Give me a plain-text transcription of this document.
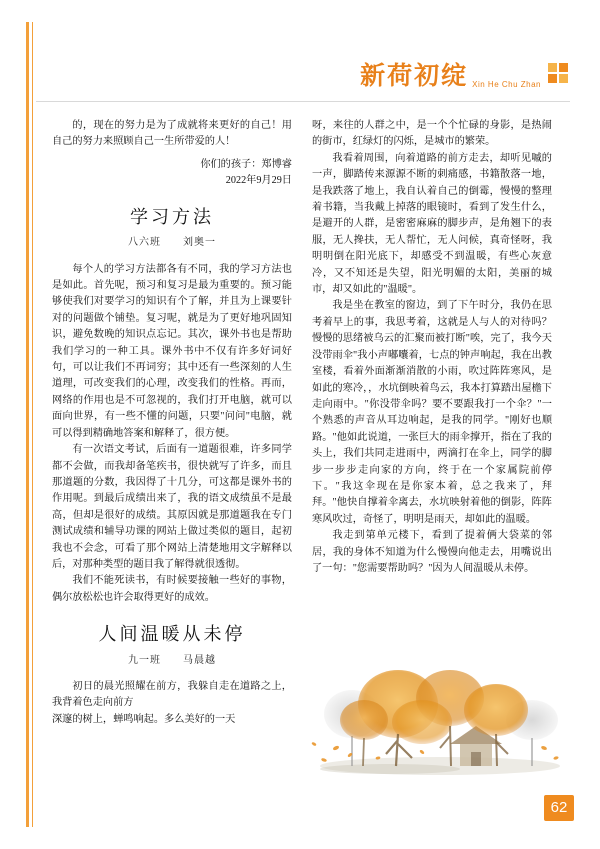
新荷初绽 Xin He Chu Zhan

的，现在的努力是为了成就将来更好的自己！用自己的努力来照顾自己一生所带爱的人！

你们的孩子：郑博睿
2022年9月29日
学习方法
八六班 刘奥一

每个人的学习方法都各有不同，我的学习方法也是如此。首先呢，预习和复习是最为重要的。预习能够使我们对要学习的知识有个了解，并且为上课要针对的问题做个铺垫。复习呢，就是为了更好地巩固知识，避免数晚的知识点忘记。其次，课外书也是帮助我们学习的一种工具。课外书中不仅有许多好词好句，可以让我们不再词穷；其中还有一些深刻的人生道理，可改变我们的心理，改变我们的性格。再而，网络的作用也是不可忽视的，我们打开电脑，就可以面向世界，有一些不懂的问题，只要"问问"电脑，就可以得到精确地答案和解释了，很方便。

有一次语文考试，后面有一道题很难，许多同学都不会做，而我却备笔疾书，很快就写了许多，而且那道题的分数，我因得了十几分，可这都是课外书的作用呢。到最后成绩出来了，我的语文成绩虽不是最高，但却是很好的成绩。其原因就是那道题我在专门测试成绩和辅导功课的网站上做过类似的题目，起初我也不会念，可看了那个网站上清楚地用文字解释以后，对那种类型的题目我了解得就很透彻。

我们不能死读书，有时候要接触一些好的事物，偶尔放松松也许会取得更好的成效。

人间温暖从未停
九一班 马晨越

初日的晨光照耀在前方，我躲自走在道路之上，我背着色走向前方

深邃的树上，蝉鸣响起。多么美好的一天

呀，来往的人群之中，是一个个忙碌的身影，是热闹的街市，红绿灯的闪烁，是城市的繁荣。

我看着周围，向着道路的前方走去，却听见嘁的一声，脚踏传来源源不断的刺痛感，书籍散落一地，是我跌落了地上，我自认着自己的倒霉，慢慢的整理着书籍，当我戴上掉落的眼镜时，看到了发生什么，是避开的人群，是密密麻麻的脚步声，是角翘下的表服，无人搀扶，无人帮忙，无人问候，真奇怪呀，我明明倒在阳光底下，却感受不到温暖，有些心灰意冷，又不知还是失望，阳光明媚的太阳，美丽的城市，却又如此的"温暖"。

我是坐在教室的窗边，到了下午时分，我仍在思考着早上的事，我思考着，这就是人与人的对待吗？慢慢的思绪被乌云的汇聚而被打断"唉，完了，我今天没带雨伞"我小声嘟囔着，七点的钟声响起，我在出教室楼，看着外面渐渐消散的小雨，吹过阵阵寒风，是如此的寒冷，，水坑倒映着鸟云，我本打算踏出屋檐下走向雨中。"你没带伞吗？要不要跟我打一个伞？"一个熟悉的声音从耳边响起，是我的同学。"刚好也顺路。"他如此说道，一张巨大的雨伞撑开，指在了我的头上，我们共同走进雨中，两滴打在伞上，同学的脚步一步步走向家的方向，终于在一个家属院前停下。"我这伞现在是你家本着，总之我来了，拜拜。"他快自撑着伞离去，水坑映射着他的倒影，阵阵寒风吹过，奇怪了，明明是雨天，却如此的温暖。

我走到第单元楼下，看到了提着俩大袋菜的邻居，我的身体不知道为什么慢慢向他走去，用嘴说出了一句："您需要帮助吗？"因为人间温暖从未停。

62
